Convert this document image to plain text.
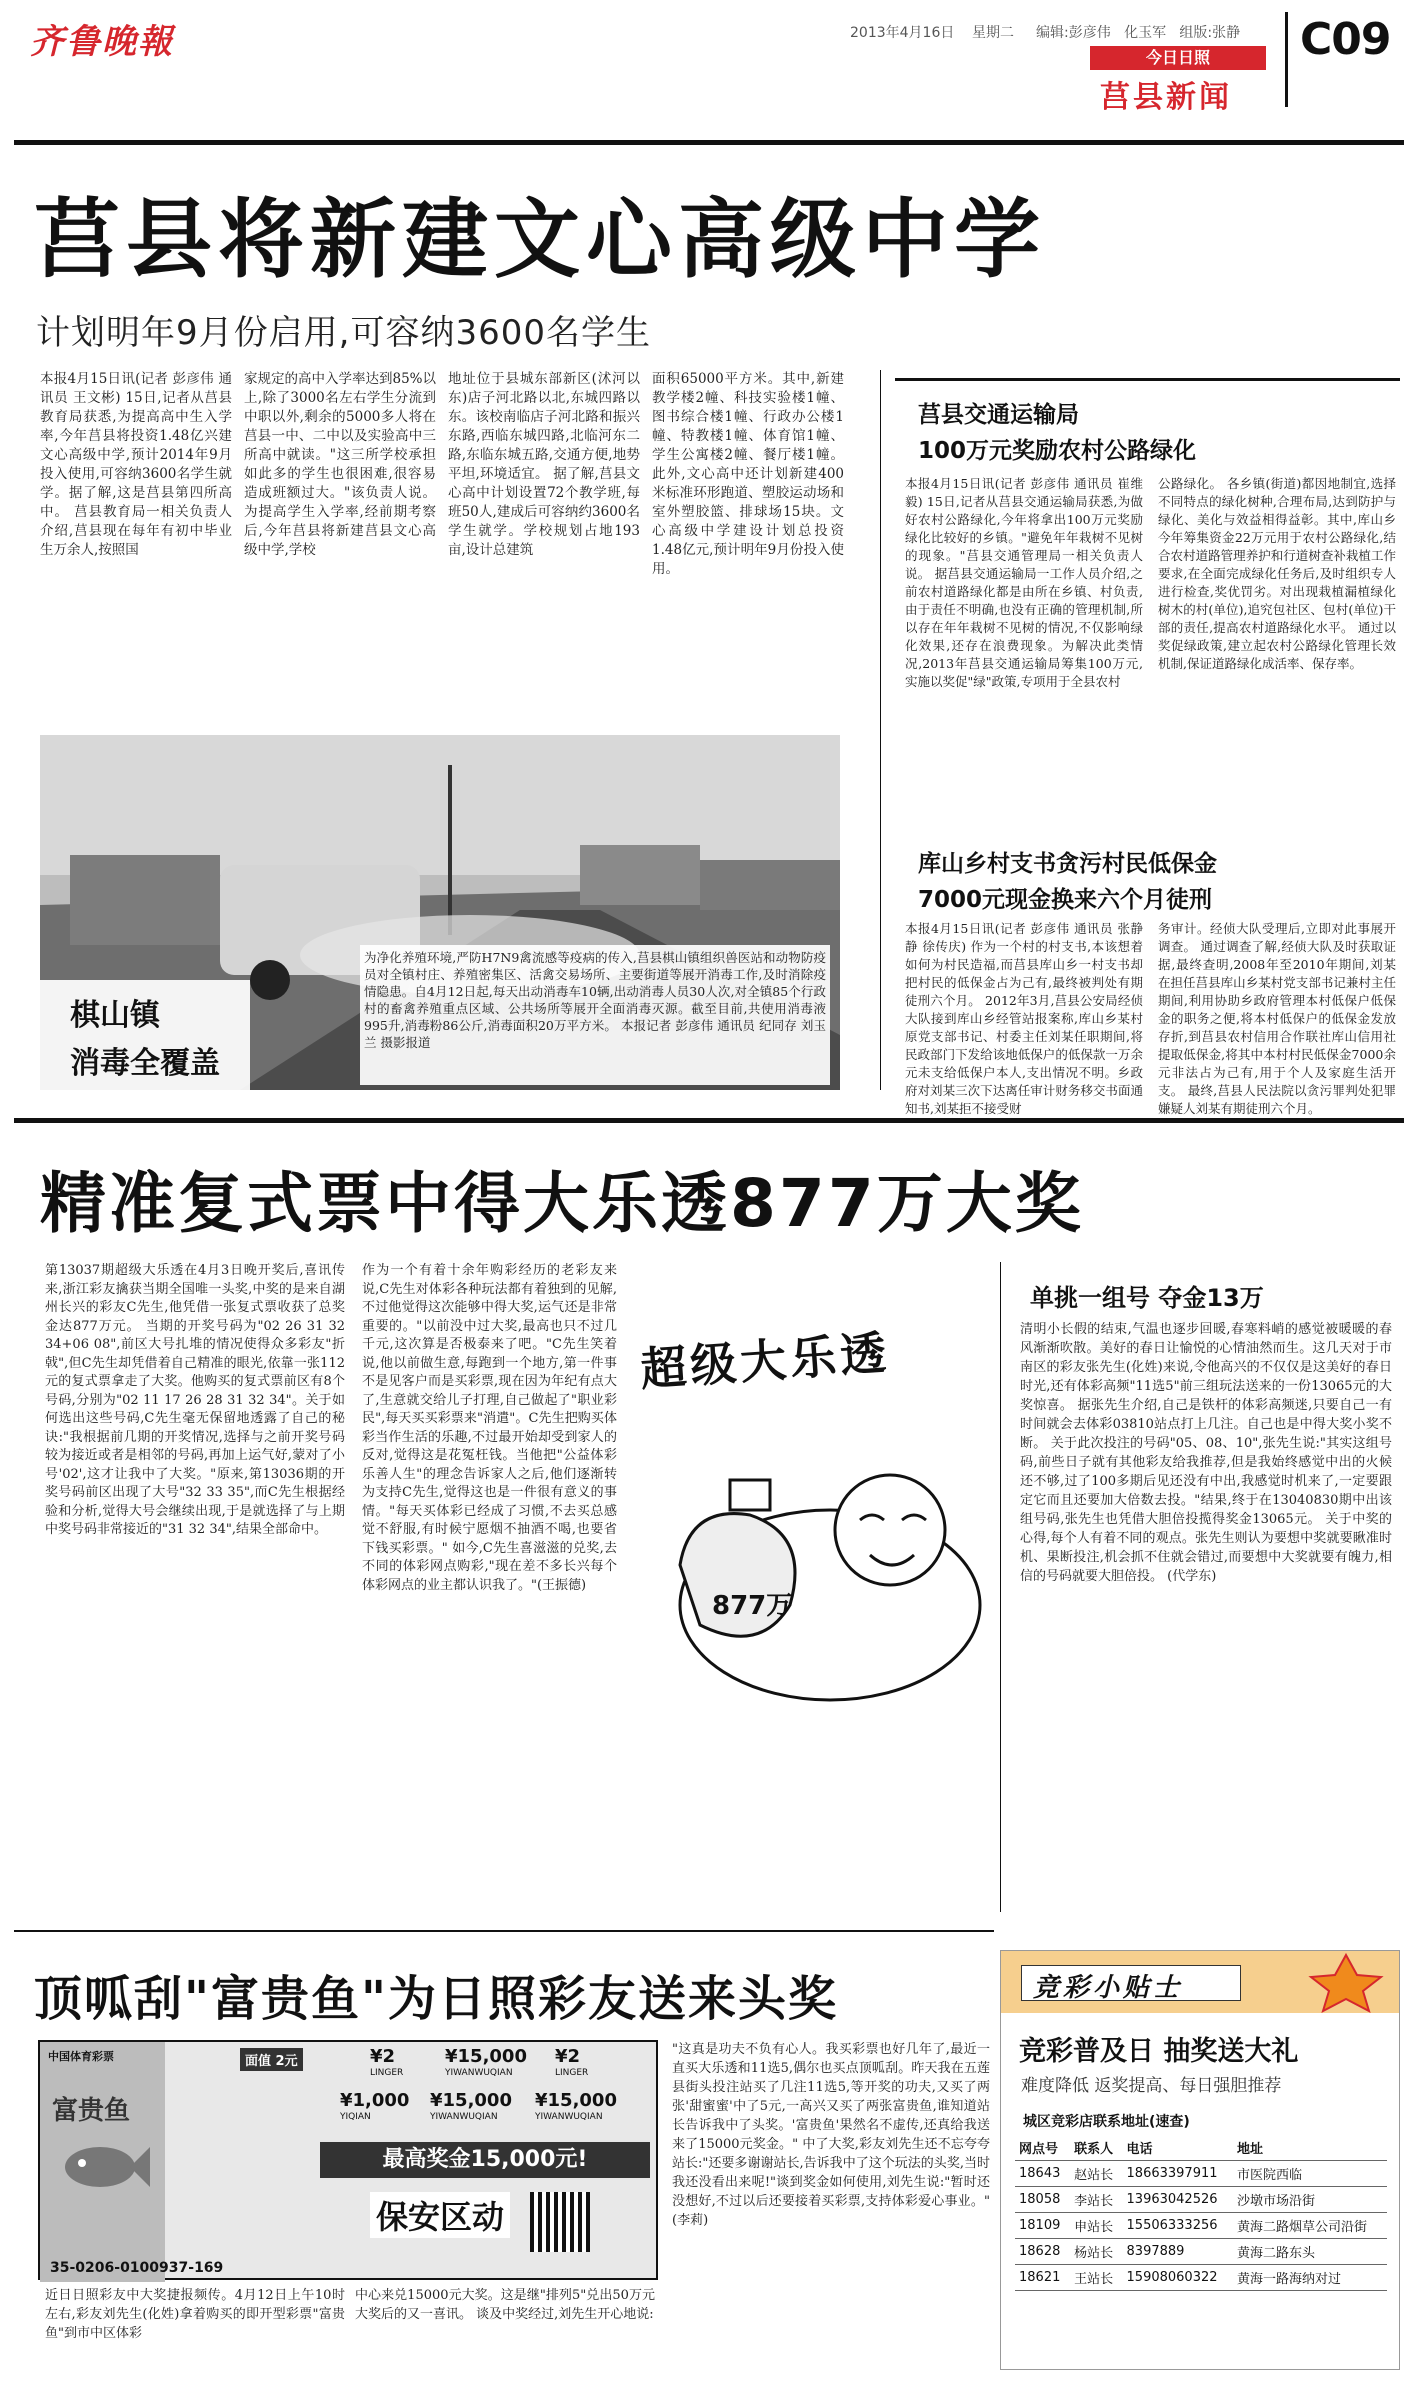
齐鲁晚報	2013年4月16日 星期二 编辑:彭彦伟   化玉军   组版:张静
今日日照
莒县新闻
C09
莒县将新建文心高级中学
计划明年9月份启用,可容纳3600名学生
本报4月15日讯(记者 彭彦伟 通讯员 王文彬) 15日,记者从莒县教育局获悉,为提高高中生入学率,今年莒县将投资1.48亿兴建文心高级中学,预计2014年9月投入使用,可容纳3600名学生就学。据了解,这是莒县第四所高中。 莒县教育局一相关负责人介绍,莒县现在每年有初中毕业生万余人,按照国
家规定的高中入学率达到85%以上,除了3000名左右学生分流到中职以外,剩余的5000多人将在莒县一中、二中以及实验高中三所高中就读。"这三所学校承担如此多的学生也很困难,很容易造成班额过大。"该负责人说。 为提高学生入学率,经前期考察后,今年莒县将新建莒县文心高级中学,学校
地址位于县城东部新区(沭河以东)店子河北路以北,东城四路以东。该校南临店子河北路和振兴东路,西临东城四路,北临河东二路,东临东城五路,交通方便,地势平坦,环境适宜。 据了解,莒县文心高中计划设置72个教学班,每班50人,建成后可容纳约3600名学生就学。学校规划占地193亩,设计总建筑
面积65000平方米。其中,新建教学楼2幢、科技实验楼1幢、图书综合楼1幢、行政办公楼1幢、特教楼1幢、体育馆1幢、学生公寓楼2幢、餐厅楼1幢。此外,文心高中还计划新建400米标准环形跑道、塑胶运动场和室外塑胶篮、排球场15块。文心高级中学建设计划总投资1.48亿元,预计明年9月份投入使用。
棋山镇
消毒全覆盖
为净化养殖环境,严防H7N9禽流感等疫病的传入,莒县棋山镇组织兽医站和动物防疫员对全镇村庄、养殖密集区、活禽交易场所、主要街道等展开消毒工作,及时消除疫情隐患。自4月12日起,每天出动消毒车10辆,出动消毒人员30人次,对全镇85个行政村的畜禽养殖重点区域、公共场所等展开全面消毒灭源。截至目前,共使用消毒液995升,消毒粉86公斤,消毒面积20万平方米。 本报记者 彭彦伟 通讯员 纪同存 刘玉兰 摄影报道
莒县交通运输局
100万元奖励农村公路绿化
本报4月15日讯(记者 彭彦伟 通讯员 崔维毅) 15日,记者从莒县交通运输局获悉,为做好农村公路绿化,今年将拿出100万元奖励绿化比较好的乡镇。"避免年年栽树不见树的现象。"莒县交通管理局一相关负责人说。 据莒县交通运输局一工作人员介绍,之前农村道路绿化都是由所在乡镇、村负责,由于责任不明确,也没有正确的管理机制,所以存在年年栽树不见树的情况,不仅影响绿化效果,还存在浪费现象。为解决此类情况,2013年莒县交通运输局筹集100万元,实施以奖促"绿"政策,专项用于全县农村
公路绿化。 各乡镇(街道)都因地制宜,选择不同特点的绿化树种,合理布局,达到防护与绿化、美化与效益相得益彰。其中,库山乡今年筹集资金22万元用于农村公路绿化,结合农村道路管理养护和行道树查补栽植工作要求,在全面完成绿化任务后,及时组织专人进行检查,奖优罚劣。对出现栽植漏植绿化树木的村(单位),追究包社区、包村(单位)干部的责任,提高农村道路绿化水平。 通过以奖促绿政策,建立起农村公路绿化管理长效机制,保证道路绿化成活率、保存率。
库山乡村支书贪污村民低保金
7000元现金换来六个月徒刑
本报4月15日讯(记者 彭彦伟 通讯员 张静静 徐传庆) 作为一个村的村支书,本该想着如何为村民造福,而莒县库山乡一村支书却把村民的低保金占为己有,最终被判处有期徒刑六个月。 2012年3月,莒县公安局经侦大队接到库山乡经管站报案称,库山乡某村原党支部书记、村委主任刘某任职期间,将民政部门下发给该地低保户的低保款一万余元未支给低保户本人,支出情况不明。乡政府对刘某三次下达离任审计财务移交书面通知书,刘某拒不接受财
务审计。经侦大队受理后,立即对此事展开调查。 通过调查了解,经侦大队及时获取证据,最终查明,2008年至2010年期间,刘某在担任莒县库山乡某村党支部书记兼村主任期间,利用协助乡政府管理本村低保户低保金的职务之便,将本村低保户的低保金发放存折,到莒县农村信用合作联社库山信用社提取低保金,将其中本村村民低保金7000余元非法占为己有,用于个人及家庭生活开支。 最终,莒县人民法院以贪污罪判处犯罪嫌疑人刘某有期徒刑六个月。
精准复式票中得大乐透877万大奖
第13037期超级大乐透在4月3日晚开奖后,喜讯传来,浙江彩友擒获当期全国唯一头奖,中奖的是来自湖州长兴的彩友C先生,他凭借一张复式票收获了总奖金达877万元。 当期的开奖号码为"02 26 31 32 34+06 08",前区大号扎堆的情况使得众多彩友"折戟",但C先生却凭借着自己精准的眼光,依靠一张112元的复式票拿走了大奖。他购买的复式票前区有8个号码,分别为"02 11 17 26 28 31 32 34"。关于如何选出这些号码,C先生毫无保留地透露了自己的秘诀:"我根据前几期的开奖情况,选择与之前开奖号码较为接近或者是相邻的号码,再加上运气好,蒙对了小号'02',这才让我中了大奖。"原来,第13036期的开奖号码前区出现了大号"32 33 35",而C先生根据经验和分析,觉得大号会继续出现,于是就选择了与上期中奖号码非常接近的"31 32 34",结果全部命中。
作为一个有着十余年购彩经历的老彩友来说,C先生对体彩各种玩法都有着独到的见解,不过他觉得这次能够中得大奖,运气还是非常重要的。"以前没中过大奖,最高也只不过几千元,这次算是否极泰来了吧。"C先生笑着说,他以前做生意,每跑到一个地方,第一件事不是见客户而是买彩票,现在因为年纪有点大了,生意就交给儿子打理,自己做起了"职业彩民",每天买买彩票来"消遣"。C先生把购买体彩当作生活的乐趣,不过最开始却受到家人的反对,觉得这是花冤枉钱。当他把"公益体彩 乐善人生"的理念告诉家人之后,他们逐渐转为支持C先生,觉得这也是一件很有意义的事情。"每天买体彩已经成了习惯,不去买总感觉不舒服,有时候宁愿烟不抽酒不喝,也要省下钱买彩票。" 如今,C先生喜滋滋的兑奖,去不同的体彩网点购彩,"现在差不多长兴每个体彩网点的业主都认识我了。"(王振德)
超级大乐透
877万
单挑一组号 夺金13万
清明小长假的结束,气温也逐步回暖,春寒料峭的感觉被暖暖的春风渐渐吹散。美好的春日让愉悦的心情油然而生。这几天对于市南区的彩友张先生(化姓)来说,令他高兴的不仅仅是这美好的春日时光,还有体彩高频"11选5"前三组玩法送来的一份13065元的大奖惊喜。 据张先生介绍,自己是铁杆的体彩高频迷,只要自己一有时间就会去体彩03810站点打上几注。自己也是中得大奖小奖不断。 关于此次投注的号码"05、08、10",张先生说:"其实这组号码,前些日子就有其他彩友给我推荐,但是我始终感觉中出的火候还不够,过了100多期后见还没有中出,我感觉时机来了,一定要跟定它而且还要加大倍数去投。"结果,终于在13040830期中出该组号码,张先生也凭借大胆倍投揽得奖金13065元。 关于中奖的心得,每个人有着不同的观点。张先生则认为要想中奖就要瞅准时机、果断投注,机会抓不住就会错过,而要想中大奖就要有魄力,相信的号码就要大胆倍投。 (代学东)
顶呱刮"富贵鱼"为日照彩友送来头奖
中国体育彩票
富贵鱼
面值 2元	¥2
LINGER
¥15,000
YIWANWUQIAN
¥2
LINGER
¥1,000
YIQIAN
¥15,000
YIWANWUQIAN
¥15,000
YIWANWUQIAN
最高奖金15,000元!
保安区动
35-0206-0100937-169
近日日照彩友中大奖捷报频传。4月12日上午10时左右,彩友刘先生(化姓)拿着购买的即开型彩票"富贵鱼"到市中区体彩
中心来兑15000元大奖。这是继"排列5"兑出50万元大奖后的又一喜讯。 谈及中奖经过,刘先生开心地说:
"这真是功夫不负有心人。我买彩票也好几年了,最近一直买大乐透和11选5,偶尔也买点顶呱刮。昨天我在五莲县街头投注站买了几注11选5,等开奖的功夫,又买了两张'甜蜜蜜'中了5元,一高兴又买了两张富贵鱼,谁知道站长告诉我中了头奖。'富贵鱼'果然名不虚传,还真给我送来了15000元奖金。" 中了大奖,彩友刘先生还不忘夸夸站长:"还要多谢谢站长,告诉我中了这个玩法的头奖,当时我还没看出来呢!"谈到奖金如何使用,刘先生说:"暂时还没想好,不过以后还要接着买彩票,支持体彩爱心事业。" (李莉)
竞彩小贴士
竞彩普及日 抽奖送大礼
难度降低 返奖提高、每日强胆推荐
城区竞彩店联系地址(速查)
网点号	联系人	电话	地址
18643	赵站长	18663397911	市医院西临
18058	李站长	13963042526	沙墩市场沿街
18109	申站长	15506333256	黄海二路烟草公司沿街
18628	杨站长	8397889	黄海二路东头
18621	王站长	15908060322	黄海一路海纳对过
